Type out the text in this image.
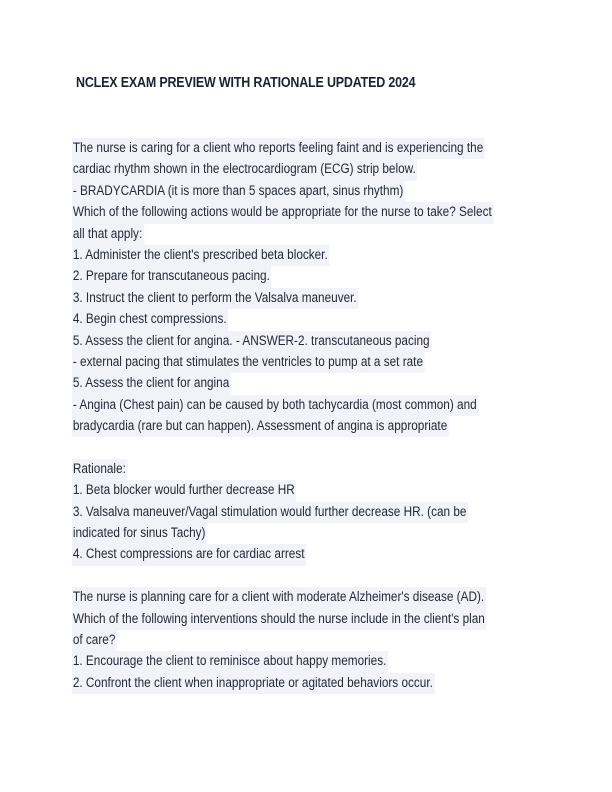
NCLEX EXAM PREVIEW WITH RATIONALE UPDATED 2024
The nurse is caring for a client who reports feeling faint and is experiencing the
cardiac rhythm shown in the electrocardiogram (ECG) strip below.
- BRADYCARDIA (it is more than 5 spaces apart, sinus rhythm)
Which of the following actions would be appropriate for the nurse to take? Select
all that apply:
1. Administer the client's prescribed beta blocker.
2. Prepare for transcutaneous pacing.
3. Instruct the client to perform the Valsalva maneuver.
4. Begin chest compressions.
5. Assess the client for angina. - ANSWER-2. transcutaneous pacing
- external pacing that stimulates the ventricles to pump at a set rate
5. Assess the client for angina
- Angina (Chest pain) can be caused by both tachycardia (most common) and
bradycardia (rare but can happen). Assessment of angina is appropriate
Rationale:
1. Beta blocker would further decrease HR
3. Valsalva maneuver/Vagal stimulation would further decrease HR. (can be
indicated for sinus Tachy)
4. Chest compressions are for cardiac arrest
The nurse is planning care for a client with moderate Alzheimer's disease (AD).
Which of the following interventions should the nurse include in the client's plan
of care?
1. Encourage the client to reminisce about happy memories.
2. Confront the client when inappropriate or agitated behaviors occur.
